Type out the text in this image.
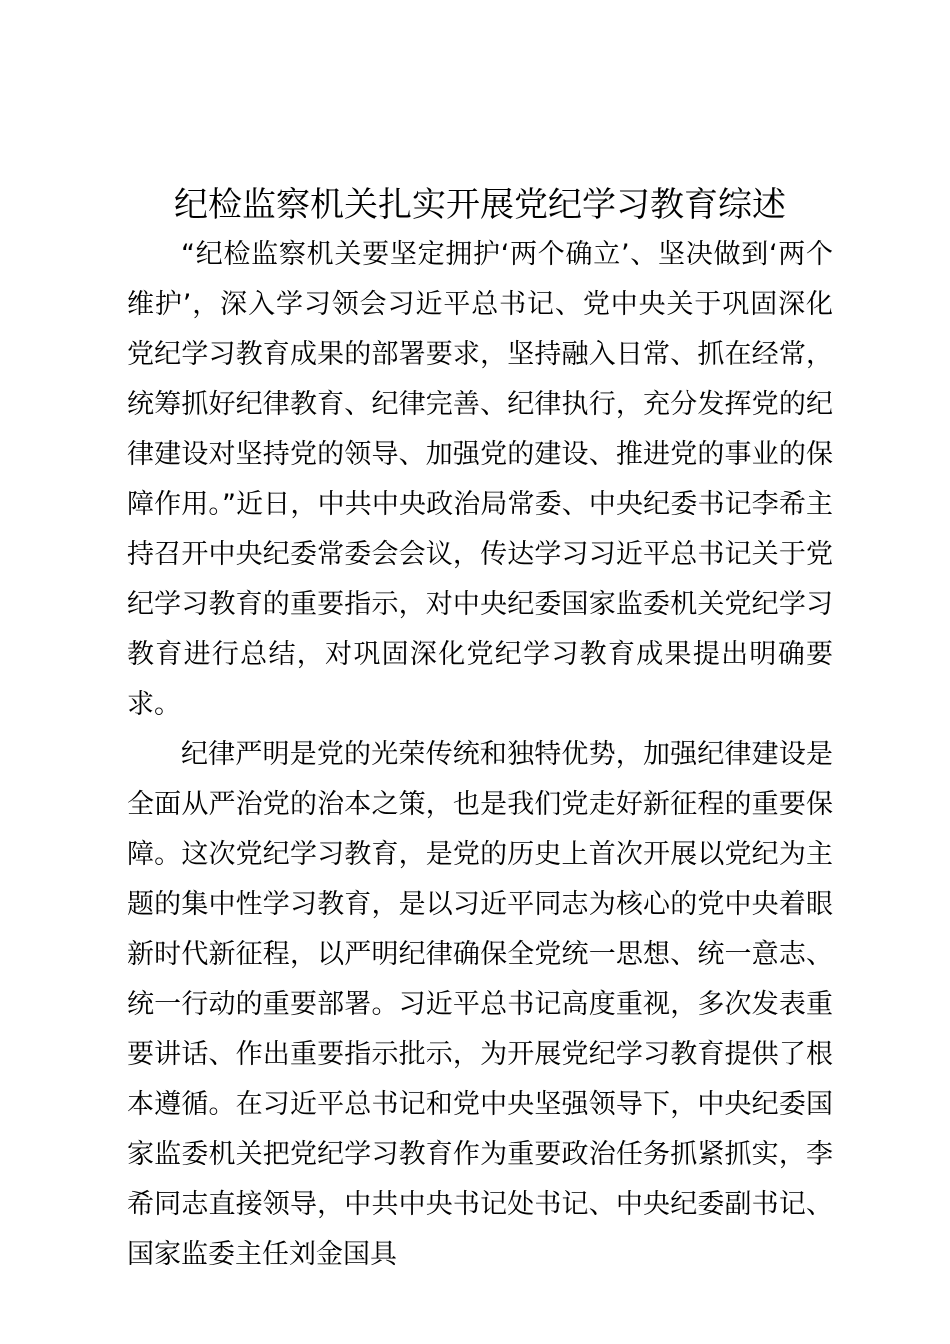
纪检监察机关扎实开展党纪学习教育综述

“纪检监察机关要坚定拥护‘两个确立’、坚决做到‘两个维护’，深入学习领会习近平总书记、党中央关于巩固深化党纪学习教育成果的部署要求，坚持融入日常、抓在经常，统筹抓好纪律教育、纪律完善、纪律执行，充分发挥党的纪律建设对坚持党的领导、加强党的建设、推进党的事业的保障作用。”近日，中共中央政治局常委、中央纪委书记李希主持召开中央纪委常委会会议，传达学习习近平总书记关于党纪学习教育的重要指示，对中央纪委国家监委机关党纪学习教育进行总结，对巩固深化党纪学习教育成果提出明确要求。

纪律严明是党的光荣传统和独特优势，加强纪律建设是全面从严治党的治本之策，也是我们党走好新征程的重要保障。这次党纪学习教育，是党的历史上首次开展以党纪为主题的集中性学习教育，是以习近平同志为核心的党中央着眼新时代新征程，以严明纪律确保全党统一思想、统一意志、统一行动的重要部署。习近平总书记高度重视，多次发表重要讲话、作出重要指示批示，为开展党纪学习教育提供了根本遵循。在习近平总书记和党中央坚强领导下，中央纪委国家监委机关把党纪学习教育作为重要政治任务抓紧抓实，李希同志直接领导，中共中央书记处书记、中央纪委副书记、国家监委主任刘金国具
